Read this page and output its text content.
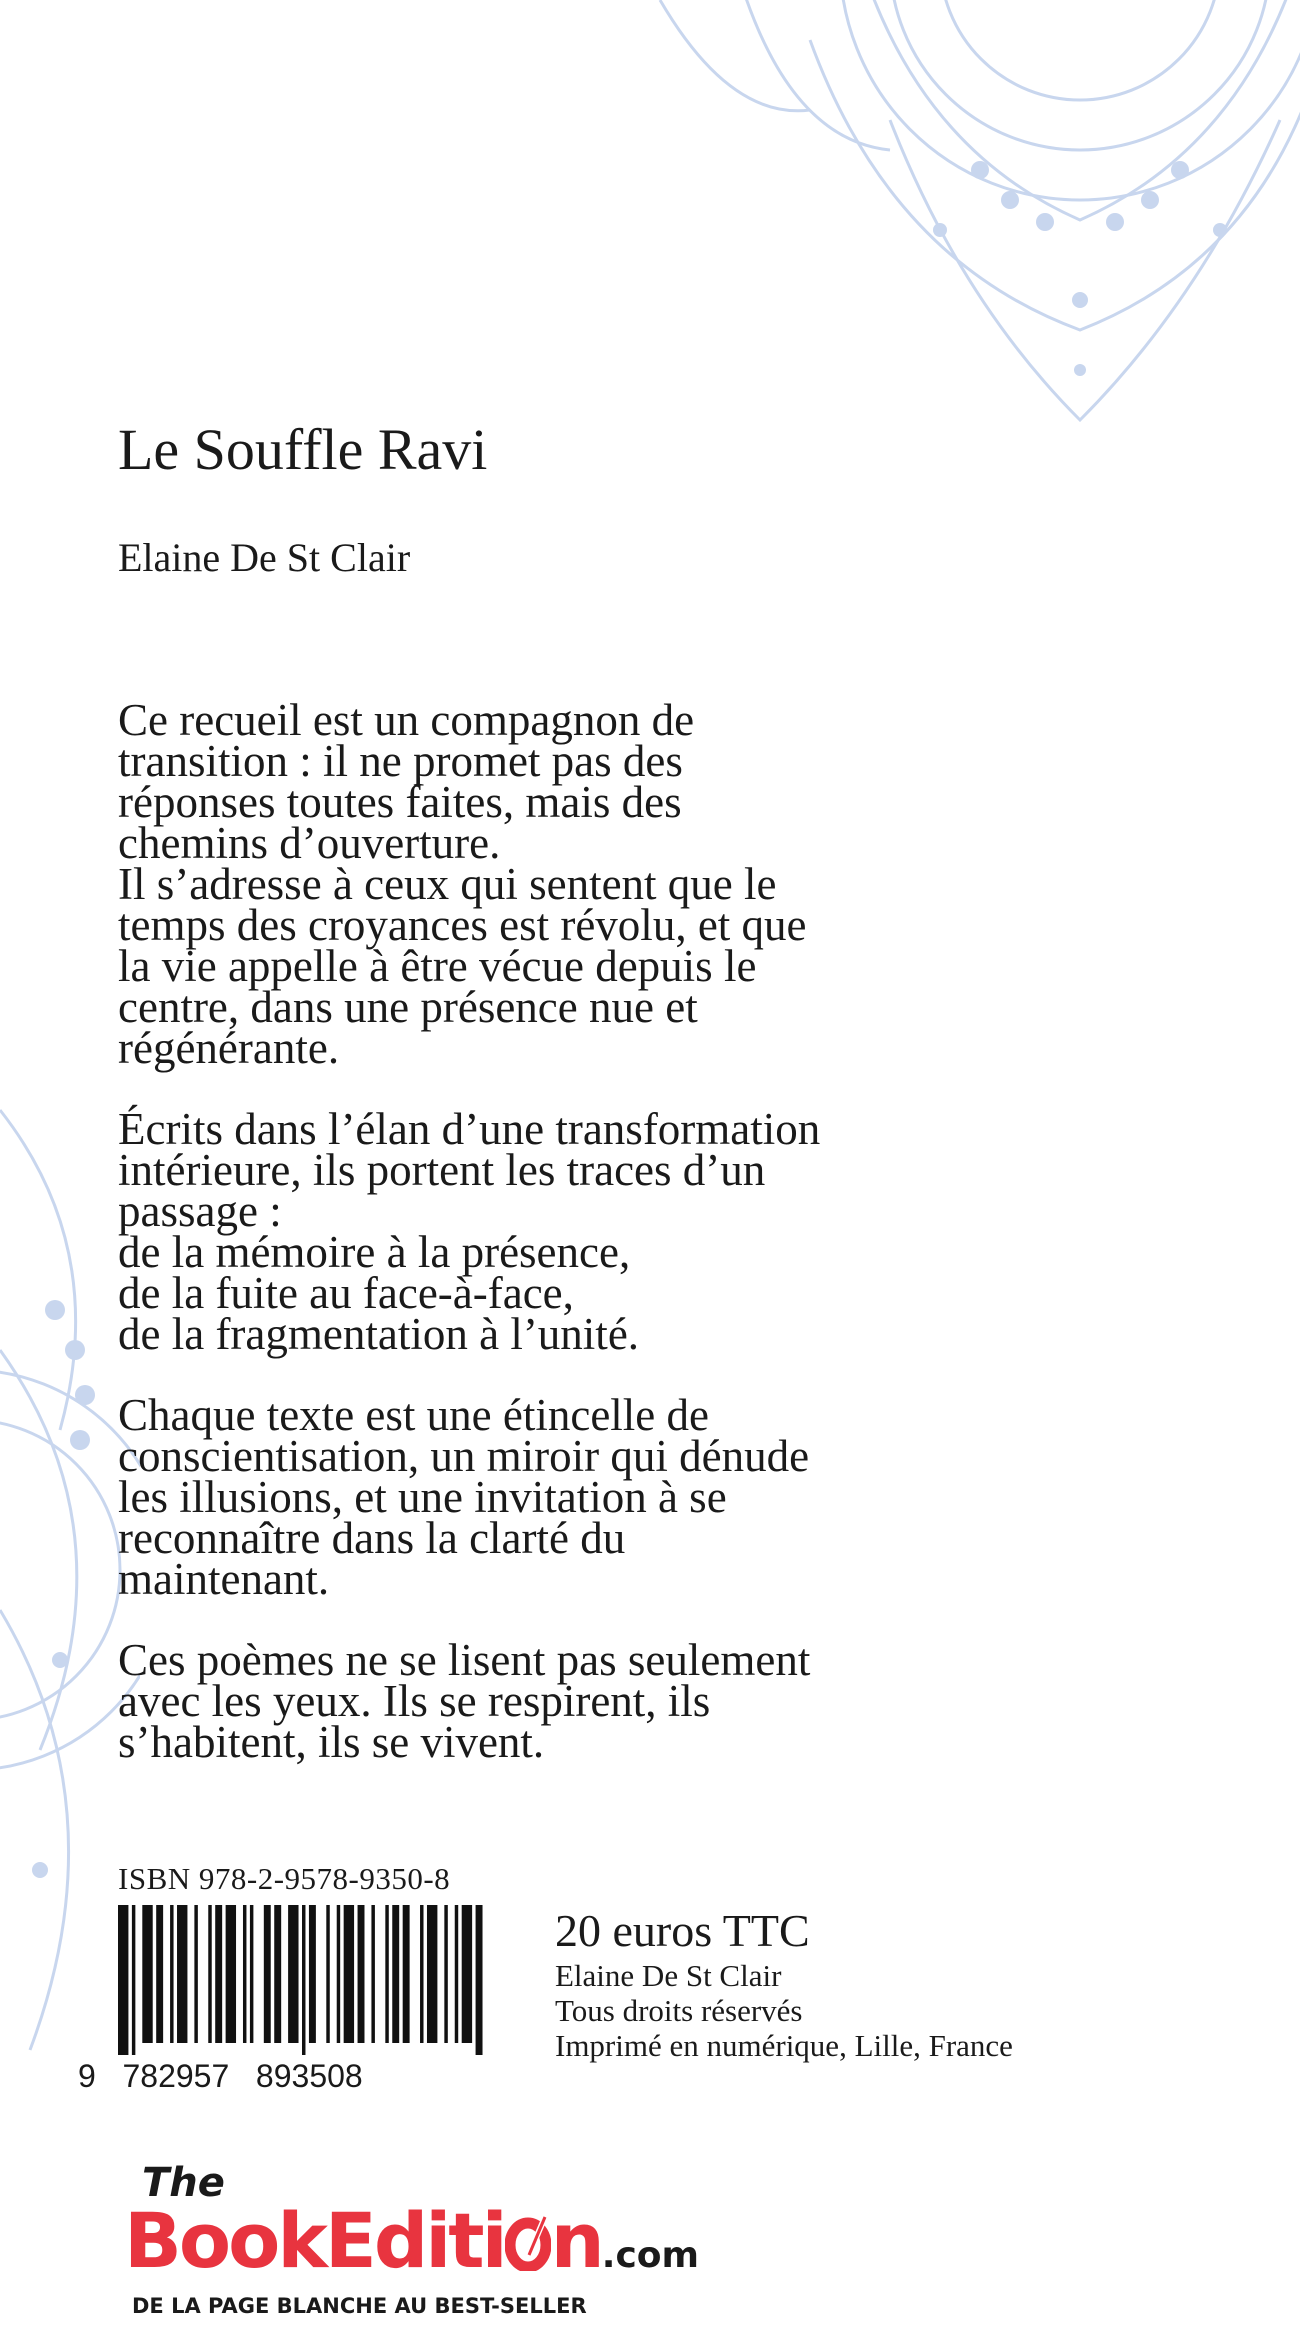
Le Souffle Ravi
Elaine De St Clair

Ce recueil est un compagnon de
transition : il ne promet pas des
réponses toutes faites, mais des
chemins d’ouverture.
Il s’adresse à ceux qui sentent que le
temps des croyances est révolu, et que
la vie appelle à être vécue depuis le
centre, dans une présence nue et
régénérante.

Écrits dans l’élan d’une transformation
intérieure, ils portent les traces d’un
passage :
de la mémoire à la présence,
de la fuite au face-à-face,
de la fragmentation à l’unité.

Chaque texte est une étincelle de
conscientisation, un miroir qui dénude
les illusions, et une invitation à se
reconnaître dans la clarté du
maintenant.

Ces poèmes ne se lisent pas seulement
avec les yeux. Ils se respirent, ils
s’habitent, ils se vivent.

ISBN 978-2-9578-9350-8
9   782957   893508
20 euros TTC
Elaine De St Clair
Tous droits réservés
Imprimé en numérique, Lille, France
The
BookEditi n.com
DE LA PAGE BLANCHE AU BEST-SELLER
